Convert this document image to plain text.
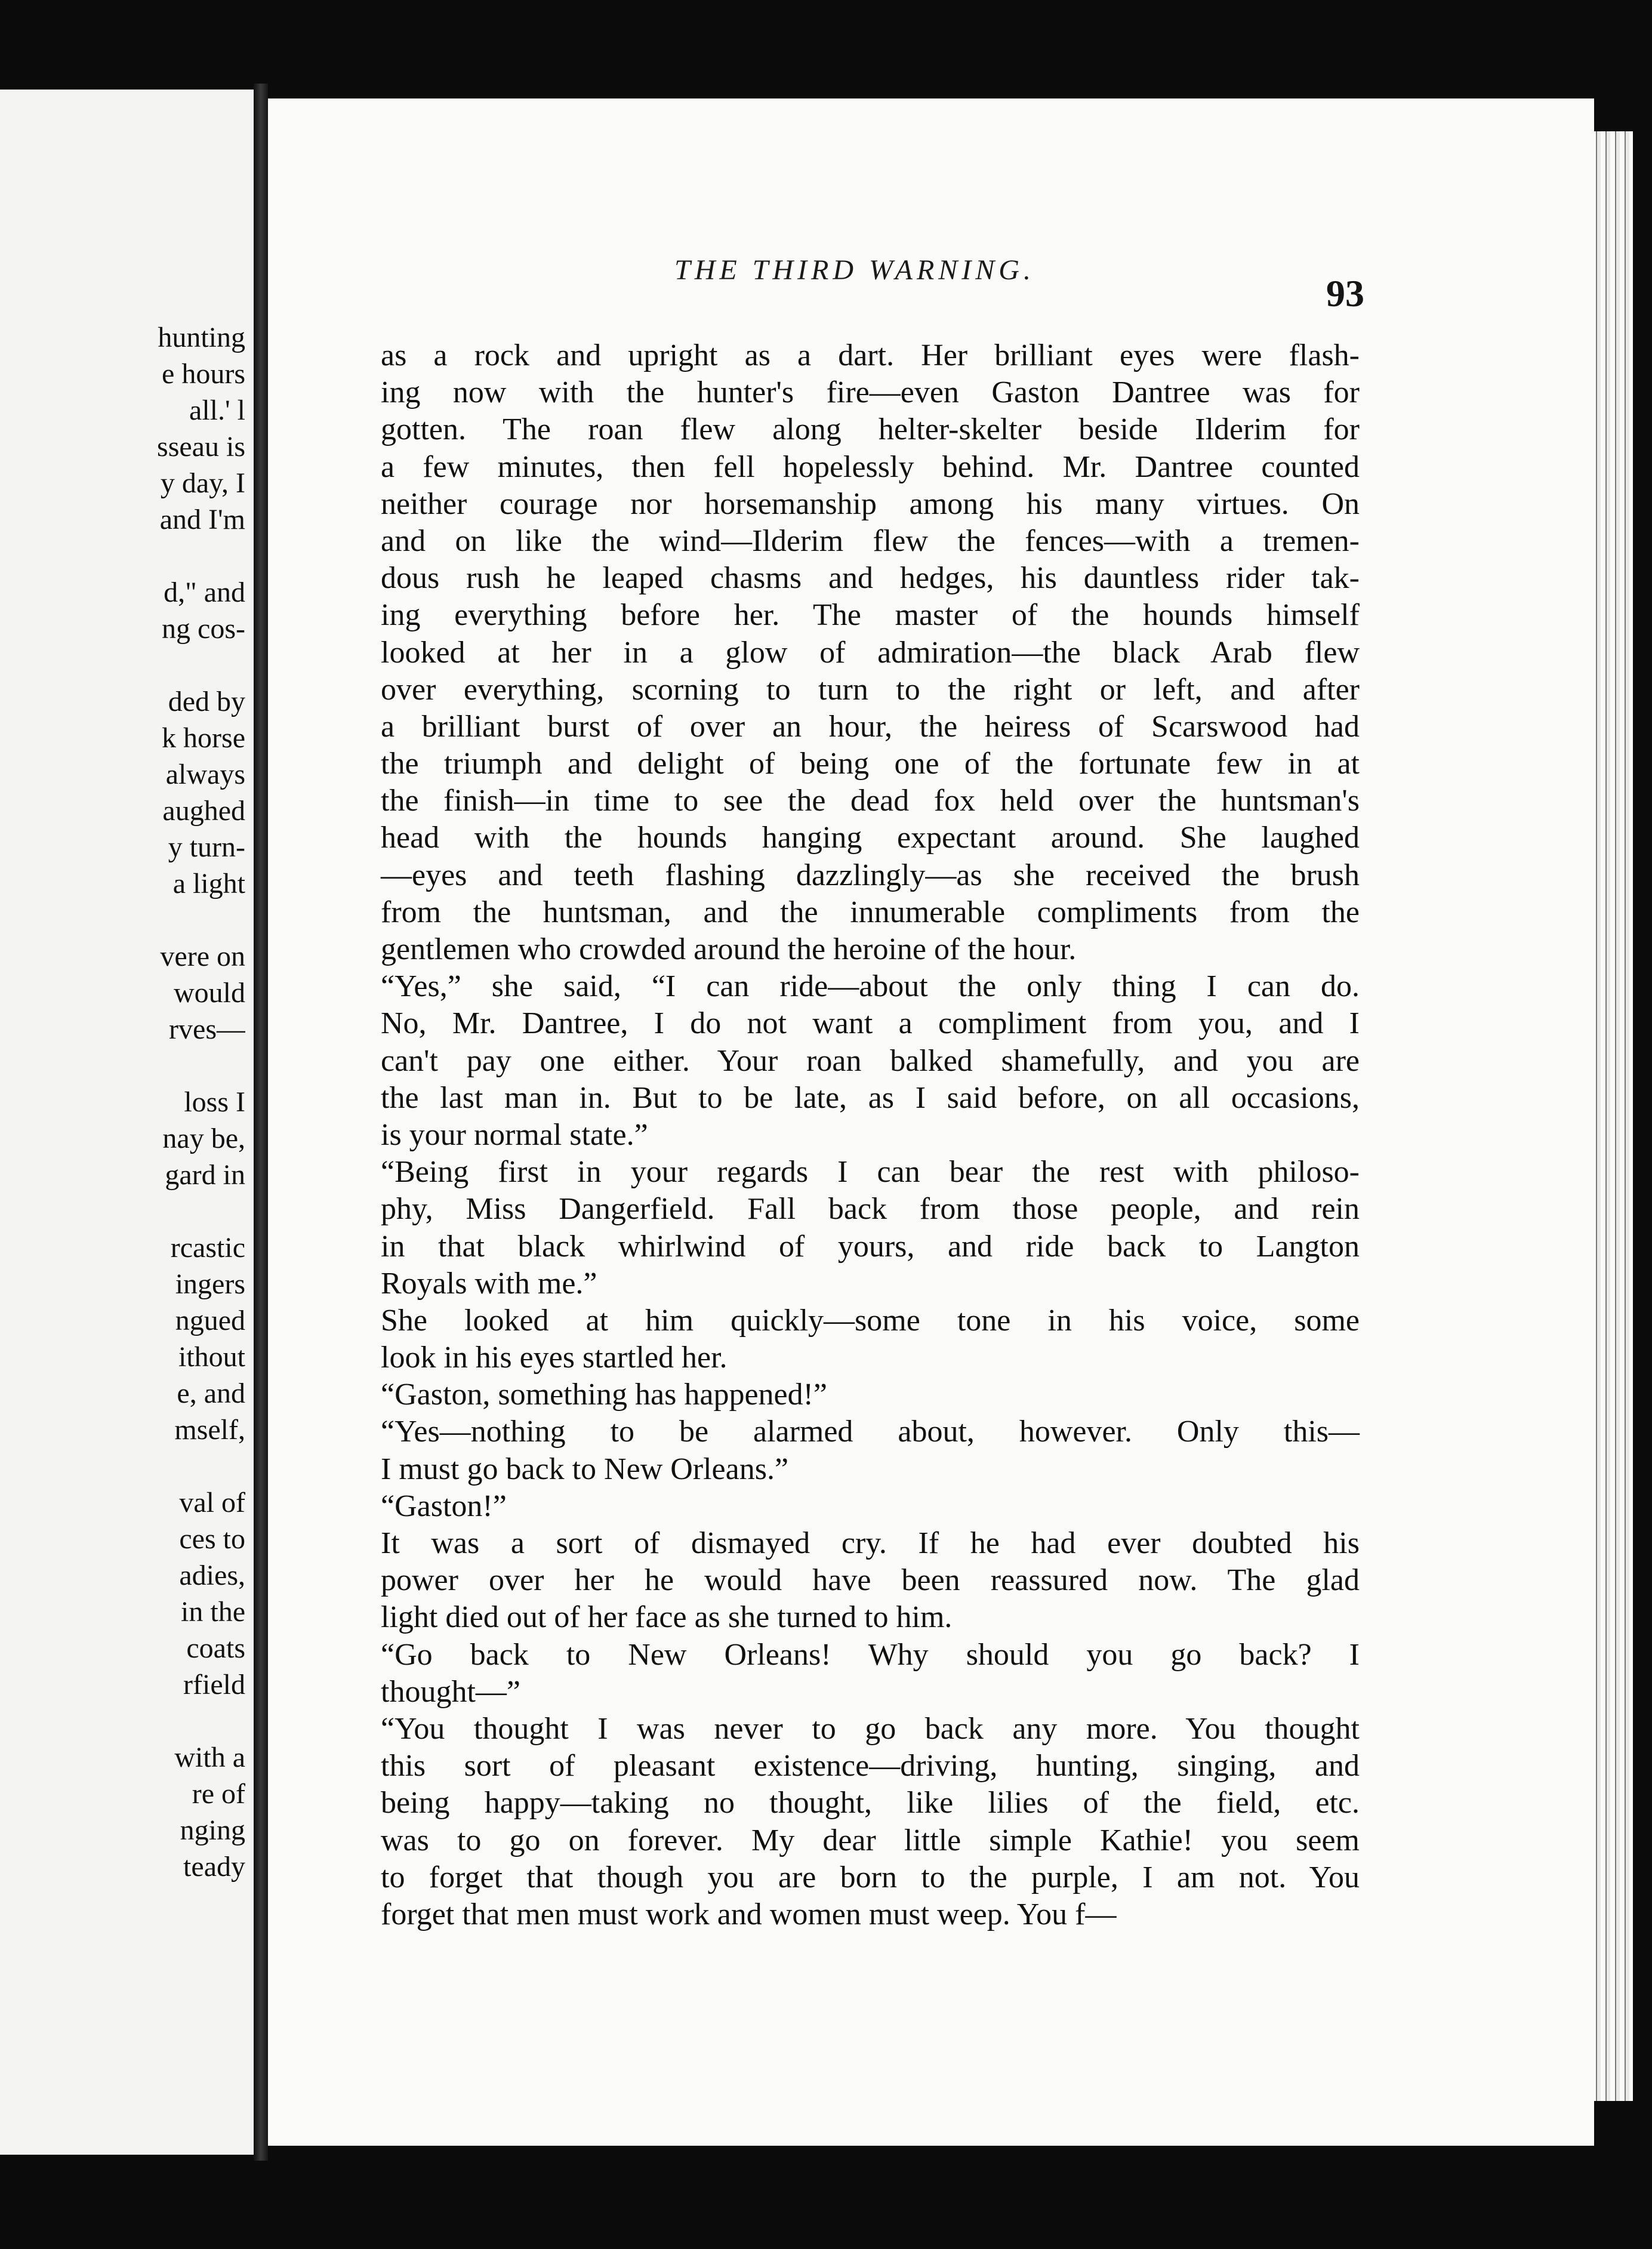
hunting
e hours
all.' l
sseau is
y day, I
and I'm
d," and
ng cos-
ded by
k horse
always
aughed
y turn-
a light
vere on
would
rves—
loss I
nay be,
gard in
rcastic
ingers
ngued
ithout
e, and
mself,
val of
ces to
adies,
in the
coats
rfield
with a
re of
nging
teady
THE THIRD WARNING.
93
as a rock and upright as a dart. Her brilliant eyes were flash-
ing now with the hunter's fire—even Gaston Dantree was for
gotten. The roan flew along helter-skelter beside Ilderim for
a few minutes, then fell hopelessly behind. Mr. Dantree counted
neither courage nor horsemanship among his many virtues. On
and on like the wind—Ilderim flew the fences—with a tremen-
dous rush he leaped chasms and hedges, his dauntless rider tak-
ing everything before her. The master of the hounds himself
looked at her in a glow of admiration—the black Arab flew
over everything, scorning to turn to the right or left, and after
a brilliant burst of over an hour, the heiress of Scarswood had
the triumph and delight of being one of the fortunate few in at
the finish—in time to see the dead fox held over the huntsman's
head with the hounds hanging expectant around. She laughed
—eyes and teeth flashing dazzlingly—as she received the brush
from the huntsman, and the innumerable compliments from the
gentlemen who crowded around the heroine of the hour.
“Yes,” she said, “I can ride—about the only thing I can do.
No, Mr. Dantree, I do not want a compliment from you, and I
can't pay one either. Your roan balked shamefully, and you are
the last man in. But to be late, as I said before, on all occasions,
is your normal state.”
“Being first in your regards I can bear the rest with philoso-
phy, Miss Dangerfield. Fall back from those people, and rein
in that black whirlwind of yours, and ride back to Langton
Royals with me.”
She looked at him quickly—some tone in his voice, some
look in his eyes startled her.
“Gaston, something has happened!”
“Yes—nothing to be alarmed about, however. Only this—
I must go back to New Orleans.”
“Gaston!”
It was a sort of dismayed cry. If he had ever doubted his
power over her he would have been reassured now. The glad
light died out of her face as she turned to him.
“Go back to New Orleans! Why should you go back? I
thought—”
“You thought I was never to go back any more. You thought
this sort of pleasant existence—driving, hunting, singing, and
being happy—taking no thought, like lilies of the field, etc.
was to go on forever. My dear little simple Kathie! you seem
to forget that though you are born to the purple, I am not. You
forget that men must work and women must weep. You f—
